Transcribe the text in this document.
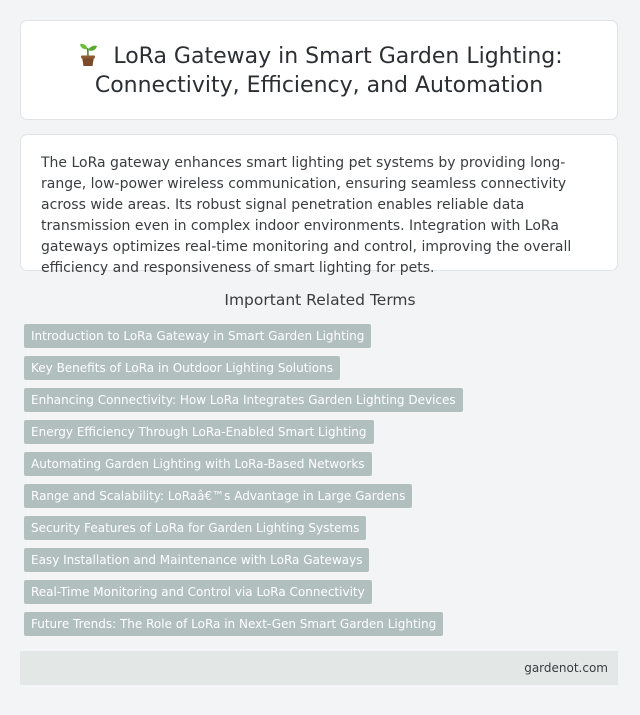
LoRa Gateway in Smart Garden Lighting: Connectivity, Efficiency, and Automation

The LoRa gateway enhances smart lighting pet systems by providing long-range, low-power wireless communication, ensuring seamless connectivity across wide areas. Its robust signal penetration enables reliable data transmission even in complex indoor environments. Integration with LoRa gateways optimizes real-time monitoring and control, improving the overall efficiency and responsiveness of smart lighting for pets.

Important Related Terms
Introduction to LoRa Gateway in Smart Garden Lighting
Key Benefits of LoRa in Outdoor Lighting Solutions
Enhancing Connectivity: How LoRa Integrates Garden Lighting Devices
Energy Efficiency Through LoRa-Enabled Smart Lighting
Automating Garden Lighting with LoRa-Based Networks
Range and Scalability: LoRaâ€™s Advantage in Large Gardens
Security Features of LoRa for Garden Lighting Systems
Easy Installation and Maintenance with LoRa Gateways
Real-Time Monitoring and Control via LoRa Connectivity
Future Trends: The Role of LoRa in Next-Gen Smart Garden Lighting
gardenot.com
